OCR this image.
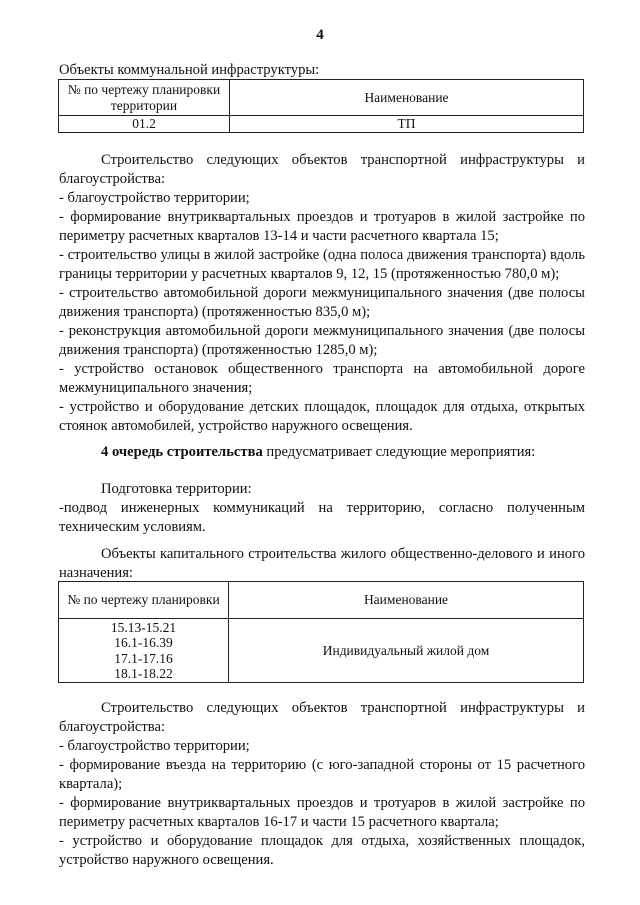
4
Объекты коммунальной инфраструктуры:
№ по чертежу планировки территории	Наименование
01.2	ТП

Строительство следующих объектов транспортной инфраструктуры и благоустройства:

- благоустройство территории;

- формирование внутриквартальных проездов и тротуаров в жилой застройке по периметру расчетных кварталов 13-14 и части расчетного квартала 15;

- строительство улицы в жилой застройке (одна полоса движения транспорта) вдоль границы территории у расчетных кварталов 9, 12, 15 (протяженностью 780,0 м);

- строительство автомобильной дороги межмуниципального значения (две полосы движения транспорта) (протяженностью 835,0 м);

- реконструкция автомобильной дороги межмуниципального значения (две полосы движения транспорта) (протяженностью 1285,0 м);

- устройство остановок общественного транспорта на автомобильной дороге межмуниципального значения;

- устройство и оборудование детских площадок, площадок для отдыха, открытых стоянок автомобилей, устройство наружного освещения.

4 очередь строительства предусматривает следующие мероприятия:

Подготовка территории:

-подвод инженерных коммуникаций на территорию, согласно полученным техническим условиям.

Объекты капитального строительства жилого общественно-делового и иного назначения:
№ по чертежу планировки	Наименование

15.13-15.21
16.1-16.39
17.1-17.16
18.1-18.22	Индивидуальный жилой дом

Строительство следующих объектов транспортной инфраструктуры и благоустройства:

- благоустройство территории;

- формирование въезда на территорию (с юго-западной стороны от 15 расчетного квартала);

- формирование внутриквартальных проездов и тротуаров в жилой застройке по периметру расчетных кварталов 16-17 и части 15 расчетного квартала;

- устройство и оборудование площадок для отдыха, хозяйственных площадок, устройство наружного освещения.
